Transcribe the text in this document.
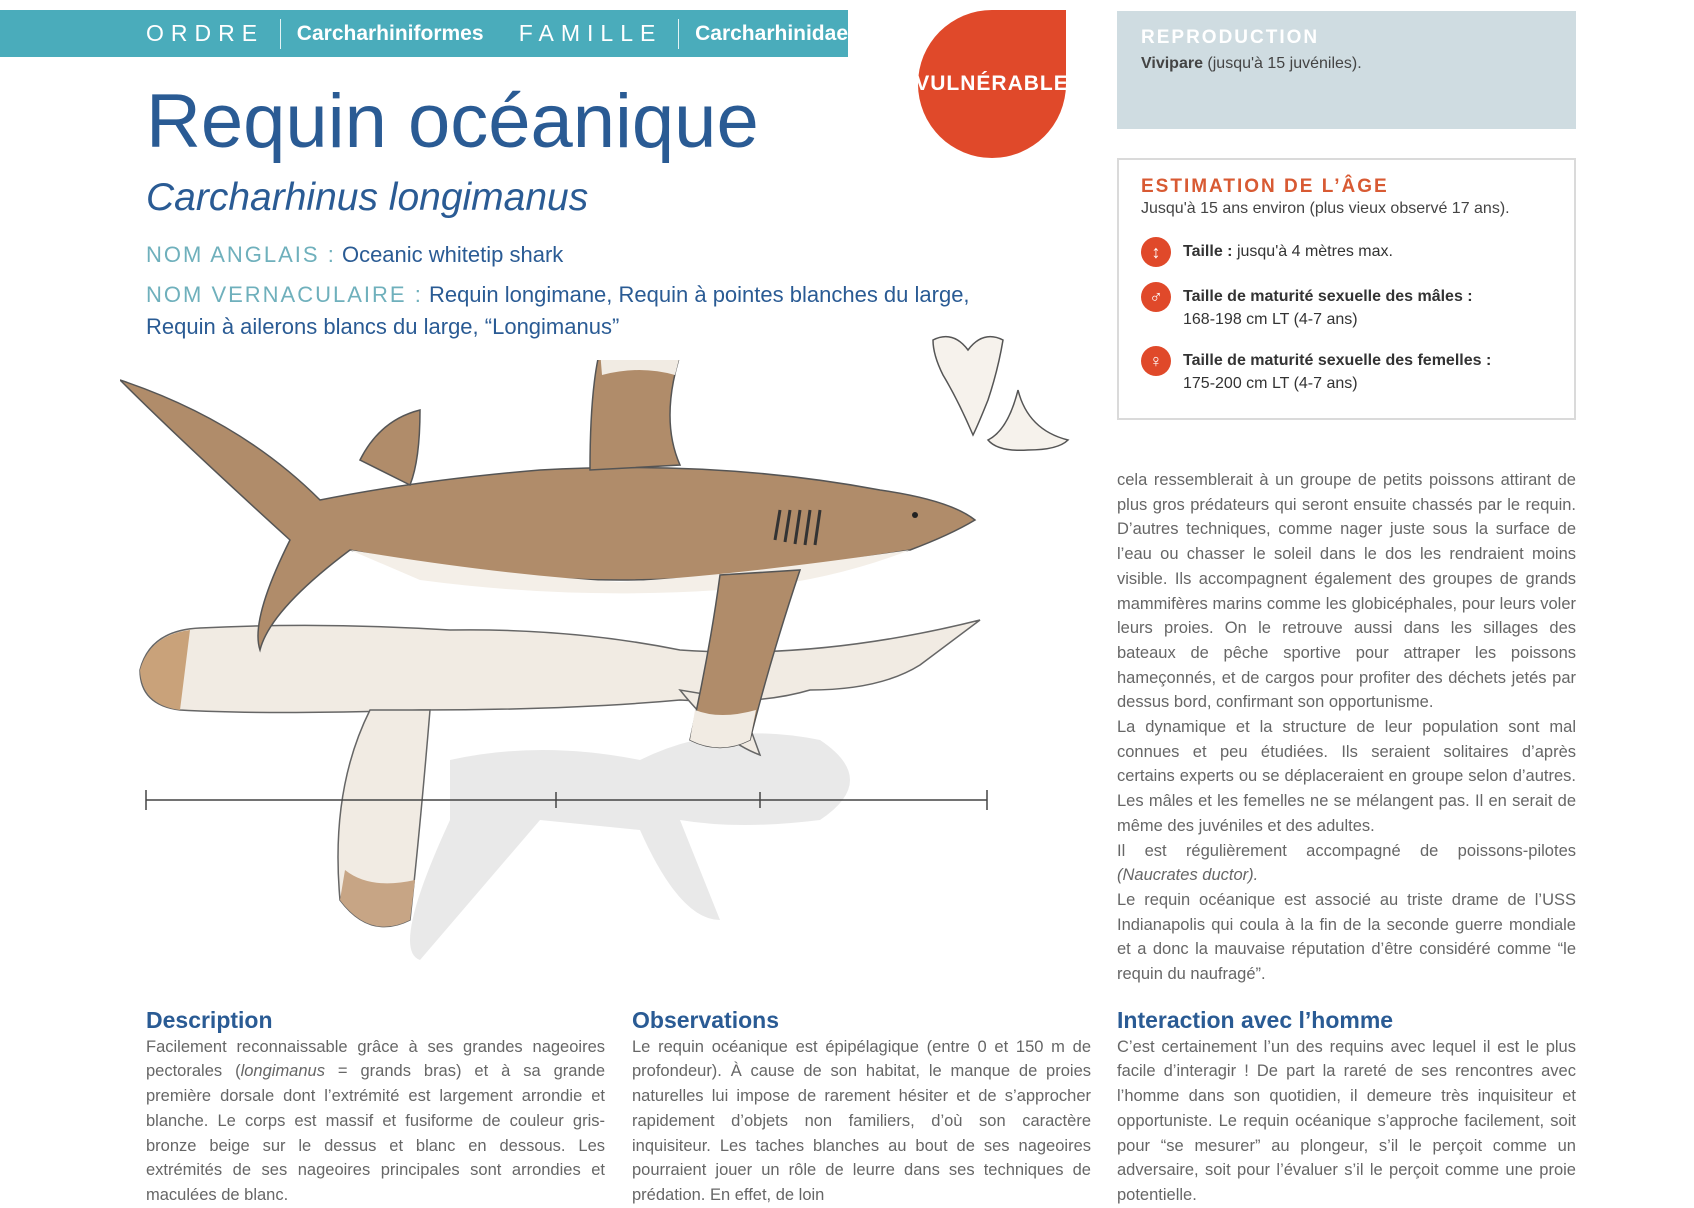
ORDRE Carcharhiniformes FAMILLE Carcharhinidae
VULNÉRABLE
Requin océanique
Carcharhinus longimanus
NOM ANGLAIS : Oceanic whitetip shark
NOM VERNACULAIRE : Requin longimane, Requin à pointes blanches du large,
Requin à ailerons blancs du large, “Longimanus”
REPRODUCTION
Vivipare (jusqu'à 15 juvéniles).
ESTIMATION DE L’ÂGE
Jusqu'à 15 ans environ (plus vieux observé 17 ans).
↕	Taille : jusqu'à 4 mètres max.
♂	Taille de maturité sexuelle des mâles :
168-198 cm LT (4-7 ans)
♀	Taille de maturité sexuelle des femelles :
175-200 cm LT (4-7 ans)

cela ressemblerait à un groupe de petits poissons attirant de plus gros prédateurs qui seront ensuite chassés par le requin. D’autres techniques, comme nager juste sous la surface de l’eau ou chasser le soleil dans le dos les rendraient moins visible. Ils accompagnent également des groupes de grands mammifères marins comme les globicéphales, pour leurs voler leurs proies. On le retrouve aussi dans les sillages des bateaux de pêche sportive pour attraper les poissons hameçonnés, et de cargos pour profiter des déchets jetés par dessus bord, confirmant son opportunisme.

La dynamique et la structure de leur population sont mal connues et peu étudiées. Ils seraient solitaires d’après certains experts ou se déplaceraient en groupe selon d’autres. Les mâles et les femelles ne se mélangent pas. Il en serait de même des juvéniles et des adultes.

Il est régulièrement accompagné de poissons-pilotes (Naucrates ductor).

Le requin océanique est associé au triste drame de l’USS Indianapolis qui coula à la fin de la seconde guerre mondiale et a donc la mauvaise réputation d’être considéré comme “le requin du naufragé”.

Description

Facilement reconnaissable grâce à ses grandes nageoires pectorales (longimanus = grands bras) et à sa grande première dorsale dont l’extrémité est largement arrondie et blanche. Le corps est massif et fusiforme de couleur gris-bronze beige sur le dessus et blanc en dessous. Les extrémités de ses nageoires principales sont arrondies et maculées de blanc.

Observations

Le requin océanique est épipélagique (entre 0 et 150 m de profondeur). À cause de son habitat, le manque de proies naturelles lui impose de rarement hésiter et de s’approcher rapidement d’objets non familiers, d’où son caractère inquisiteur. Les taches blanches au bout de ses nageoires pourraient jouer un rôle de leurre dans ses techniques de prédation. En effet, de loin

Interaction avec l’homme

C’est certainement l’un des requins avec lequel il est le plus facile d’interagir ! De part la rareté de ses rencontres avec l’homme dans son quotidien, il demeure très inquisiteur et opportuniste. Le requin océanique s’approche facilement, soit pour “se mesurer” au plongeur, s’il le perçoit comme un adversaire, soit pour l’évaluer s’il le perçoit comme une proie potentielle.
